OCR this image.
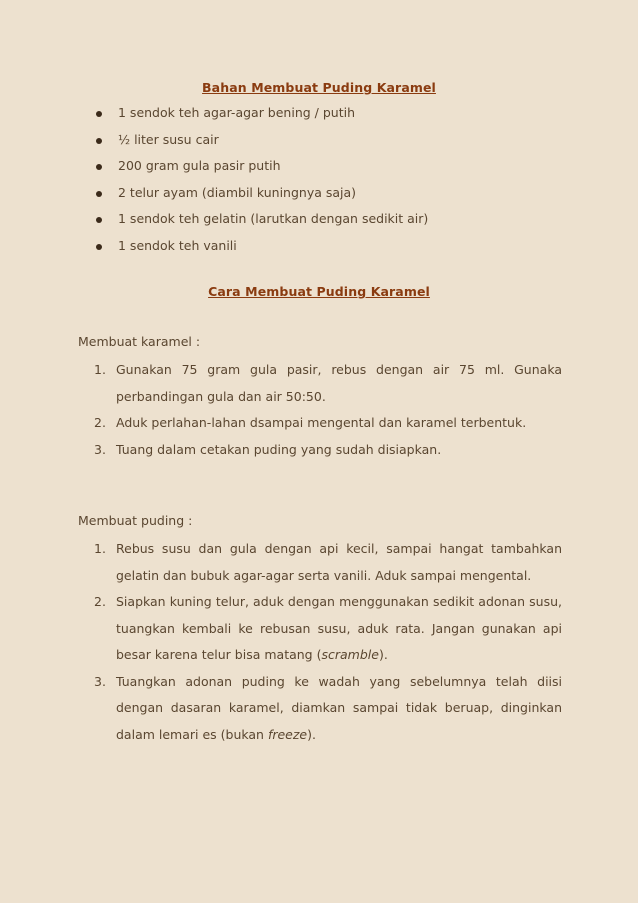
Bahan Membuat Puding Karamel
1 sendok teh agar-agar bening / putih
½ liter susu cair
200 gram gula pasir putih
2 telur ayam (diambil kuningnya saja)
1 sendok teh gelatin (larutkan dengan sedikit air)
1 sendok teh vanili
Cara Membuat Puding Karamel
Membuat karamel :
1. Gunakan 75 gram gula pasir, rebus dengan air 75 ml. Gunaka perbandingan gula dan air 50:50.
2. Aduk perlahan-lahan dsampai mengental dan karamel terbentuk.
3. Tuang dalam cetakan puding yang sudah disiapkan.
Membuat puding :
1. Rebus susu dan gula dengan api kecil, sampai hangat tambahkan gelatin dan bubuk agar-agar serta vanili. Aduk sampai mengental.
2. Siapkan kuning telur, aduk dengan menggunakan sedikit adonan susu, tuangkan kembali ke rebusan susu, aduk rata. Jangan gunakan api besar karena telur bisa matang (scramble).
3. Tuangkan adonan puding ke wadah yang sebelumnya telah diisi dengan dasaran karamel, diamkan sampai tidak beruap, dinginkan dalam lemari es (bukan freeze).
